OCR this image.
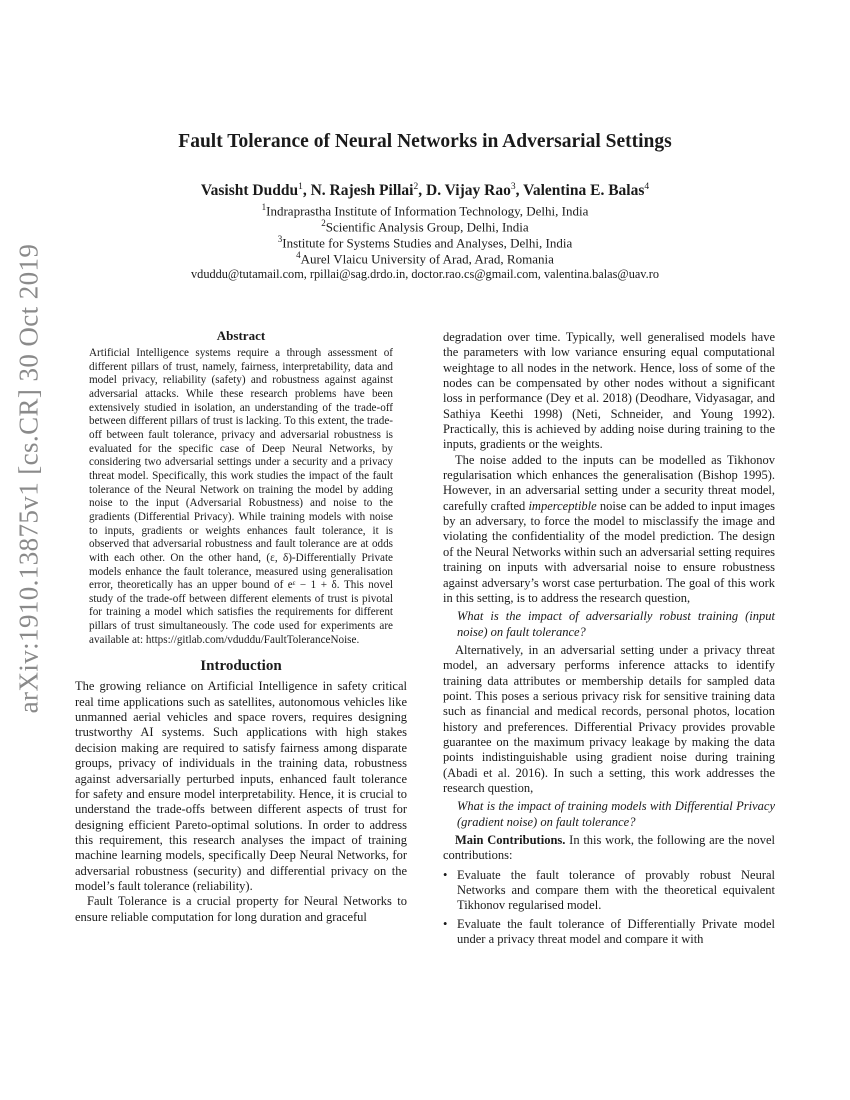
arXiv:1910.13875v1 [cs.CR] 30 Oct 2019
Fault Tolerance of Neural Networks in Adversarial Settings
Vasisht Duddu$^1$, N. Rajesh Pillai$^2$, D. Vijay Rao$^3$, Valentina E. Balas$^4$
$^1$Indraprastha Institute of Information Technology, Delhi, India
$^2$Scientific Analysis Group, Delhi, India
$^3$Institute for Systems Studies and Analyses, Delhi, India
$^4$Aurel Vlaicu University of Arad, Arad, Romania
vduddu@tutamail.com, rpillai@sag.drdo.in, doctor.rao.cs@gmail.com, valentina.balas@uav.ro
Abstract

Artificial Intelligence systems require a through assessment of different pillars of trust, namely, fairness, interpretability, data and model privacy, reliability (safety) and robustness against against adversarial attacks. While these research problems have been extensively studied in isolation, an understanding of the trade-off between different pillars of trust is lacking. To this extent, the trade-off between fault tolerance, privacy and adversarial robustness is evaluated for the specific case of Deep Neural Networks, by considering two adversarial settings under a security and a privacy threat model. Specifically, this work studies the impact of the fault tolerance of the Neural Network on training the model by adding noise to the input (Adversarial Robustness) and noise to the gradients (Differential Privacy). While training models with noise to inputs, gradients or weights enhances fault tolerance, it is observed that adversarial robustness and fault tolerance are at odds with each other. On the other hand, (ε, δ)-Differentially Private models enhance the fault tolerance, measured using generalisation error, theoretically has an upper bound of eᵋ − 1 + δ. This novel study of the trade-off between different elements of trust is pivotal for training a model which satisfies the requirements for different pillars of trust simultaneously. The code used for experiments are available at: https://gitlab.com/vduddu/FaultToleranceNoise.

Introduction

The growing reliance on Artificial Intelligence in safety critical real time applications such as satellites, autonomous vehicles like unmanned aerial vehicles and space rovers, requires designing trustworthy AI systems. Such applications with high stakes decision making are required to satisfy fairness among disparate groups, privacy of individuals in the training data, robustness against adversarially perturbed inputs, enhanced fault tolerance for safety and ensure model interpretability. Hence, it is crucial to understand the trade-offs between different aspects of trust for designing efficient Pareto-optimal solutions. In order to address this requirement, this research analyses the impact of training machine learning models, specifically Deep Neural Networks, for adversarial robustness (security) and differential privacy on the model’s fault tolerance (reliability).

Fault Tolerance is a crucial property for Neural Networks to ensure reliable computation for long duration and graceful

degradation over time. Typically, well generalised models have the parameters with low variance ensuring equal computational weightage to all nodes in the network. Hence, loss of some of the nodes can be compensated by other nodes without a significant loss in performance (Dey et al. 2018) (Deodhare, Vidyasagar, and Sathiya Keethi 1998) (Neti, Schneider, and Young 1992). Practically, this is achieved by adding noise during training to the inputs, gradients or the weights.

The noise added to the inputs can be modelled as Tikhonov regularisation which enhances the generalisation (Bishop 1995). However, in an adversarial setting under a security threat model, carefully crafted imperceptible noise can be added to input images by an adversary, to force the model to misclassify the image and violating the confidentiality of the model prediction. The design of the Neural Networks within such an adversarial setting requires training on inputs with adversarial noise to ensure robustness against adversary’s worst case perturbation. The goal of this work in this setting, is to address the research question,

What is the impact of adversarially robust training (input noise) on fault tolerance?

Alternatively, in an adversarial setting under a privacy threat model, an adversary performs inference attacks to identify training data attributes or membership details for sampled data point. This poses a serious privacy risk for sensitive training data such as financial and medical records, personal photos, location history and preferences. Differential Privacy provides provable guarantee on the maximum privacy leakage by making the data points indistinguishable using gradient noise during training (Abadi et al. 2016). In such a setting, this work addresses the research question,

What is the impact of training models with Differential Privacy (gradient noise) on fault tolerance?

Main Contributions. In this work, the following are the novel contributions:

• Evaluate the fault tolerance of provably robust Neural Networks and compare them with the theoretical equivalent Tikhonov regularised model.
• Evaluate the fault tolerance of Differentially Private model under a privacy threat model and compare it with
